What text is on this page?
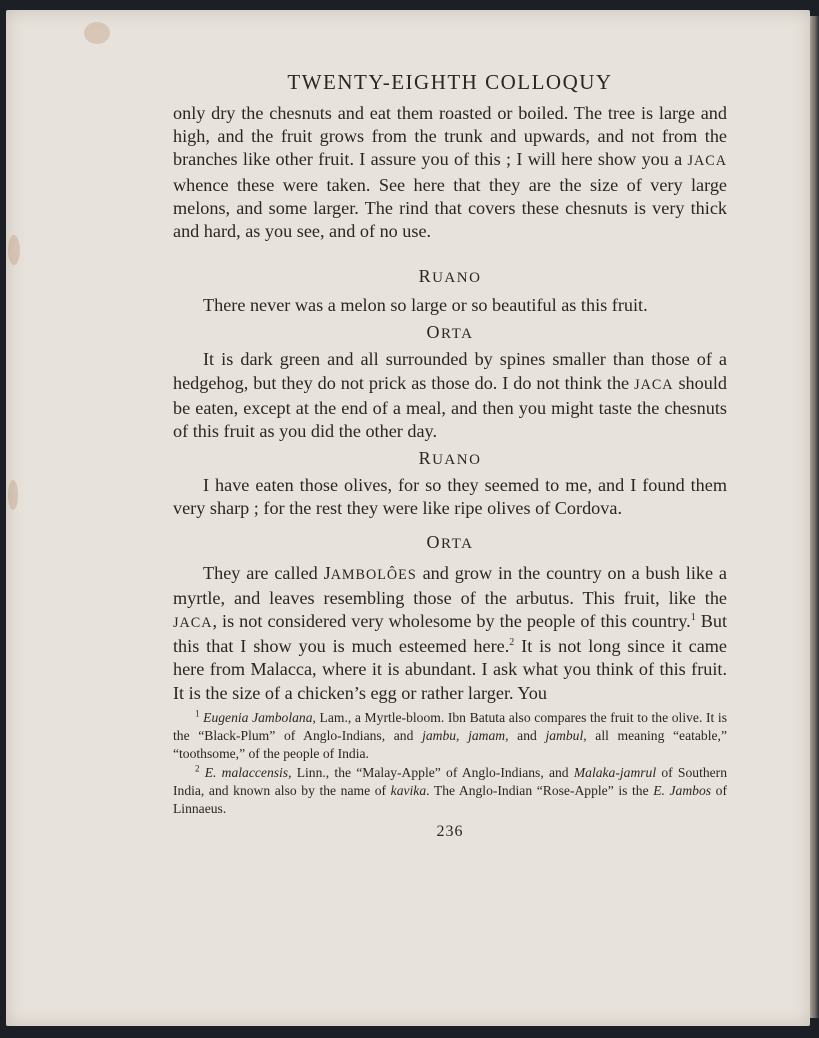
TWENTY-EIGHTH COLLOQUY

only dry the chesnuts and eat them roasted or boiled. The tree is large and high, and the fruit grows from the trunk and upwards, and not from the branches like other fruit. I assure you of this ; I will here show you a JACA whence these were taken. See here that they are the size of very large melons, and some larger. The rind that covers these chesnuts is very thick and hard, as you see, and of no use.

RUANO

There never was a melon so large or so beautiful as this fruit.

ORTA

It is dark green and all surrounded by spines smaller than those of a hedgehog, but they do not prick as those do. I do not think the JACA should be eaten, except at the end of a meal, and then you might taste the chesnuts of this fruit as you did the other day.

RUANO

I have eaten those olives, for so they seemed to me, and I found them very sharp ; for the rest they were like ripe olives of Cordova.

ORTA

They are called JAMBOLÔES and grow in the country on a bush like a myrtle, and leaves resembling those of the arbutus. This fruit, like the JACA, is not considered very wholesome by the people of this country.$^1$ But this that I show you is much esteemed here.$^2$ It is not long since it came here from Malacca, where it is abundant. I ask what you think of this fruit. It is the size of a chicken’s egg or rather larger. You

$^1$ Eugenia Jambolana, Lam., a Myrtle-bloom. Ibn Batuta also compares the fruit to the olive. It is the “Black-Plum” of Anglo-Indians, and jambu, jamam, and jambul, all meaning “eatable,” “toothsome,” of the people of India.

$^2$ E. malaccensis, Linn., the “Malay-Apple” of Anglo-Indians, and Malaka-jamrul of Southern India, and known also by the name of kavika. The Anglo-Indian “Rose-Apple” is the E. Jambos of Linnaeus.

236
